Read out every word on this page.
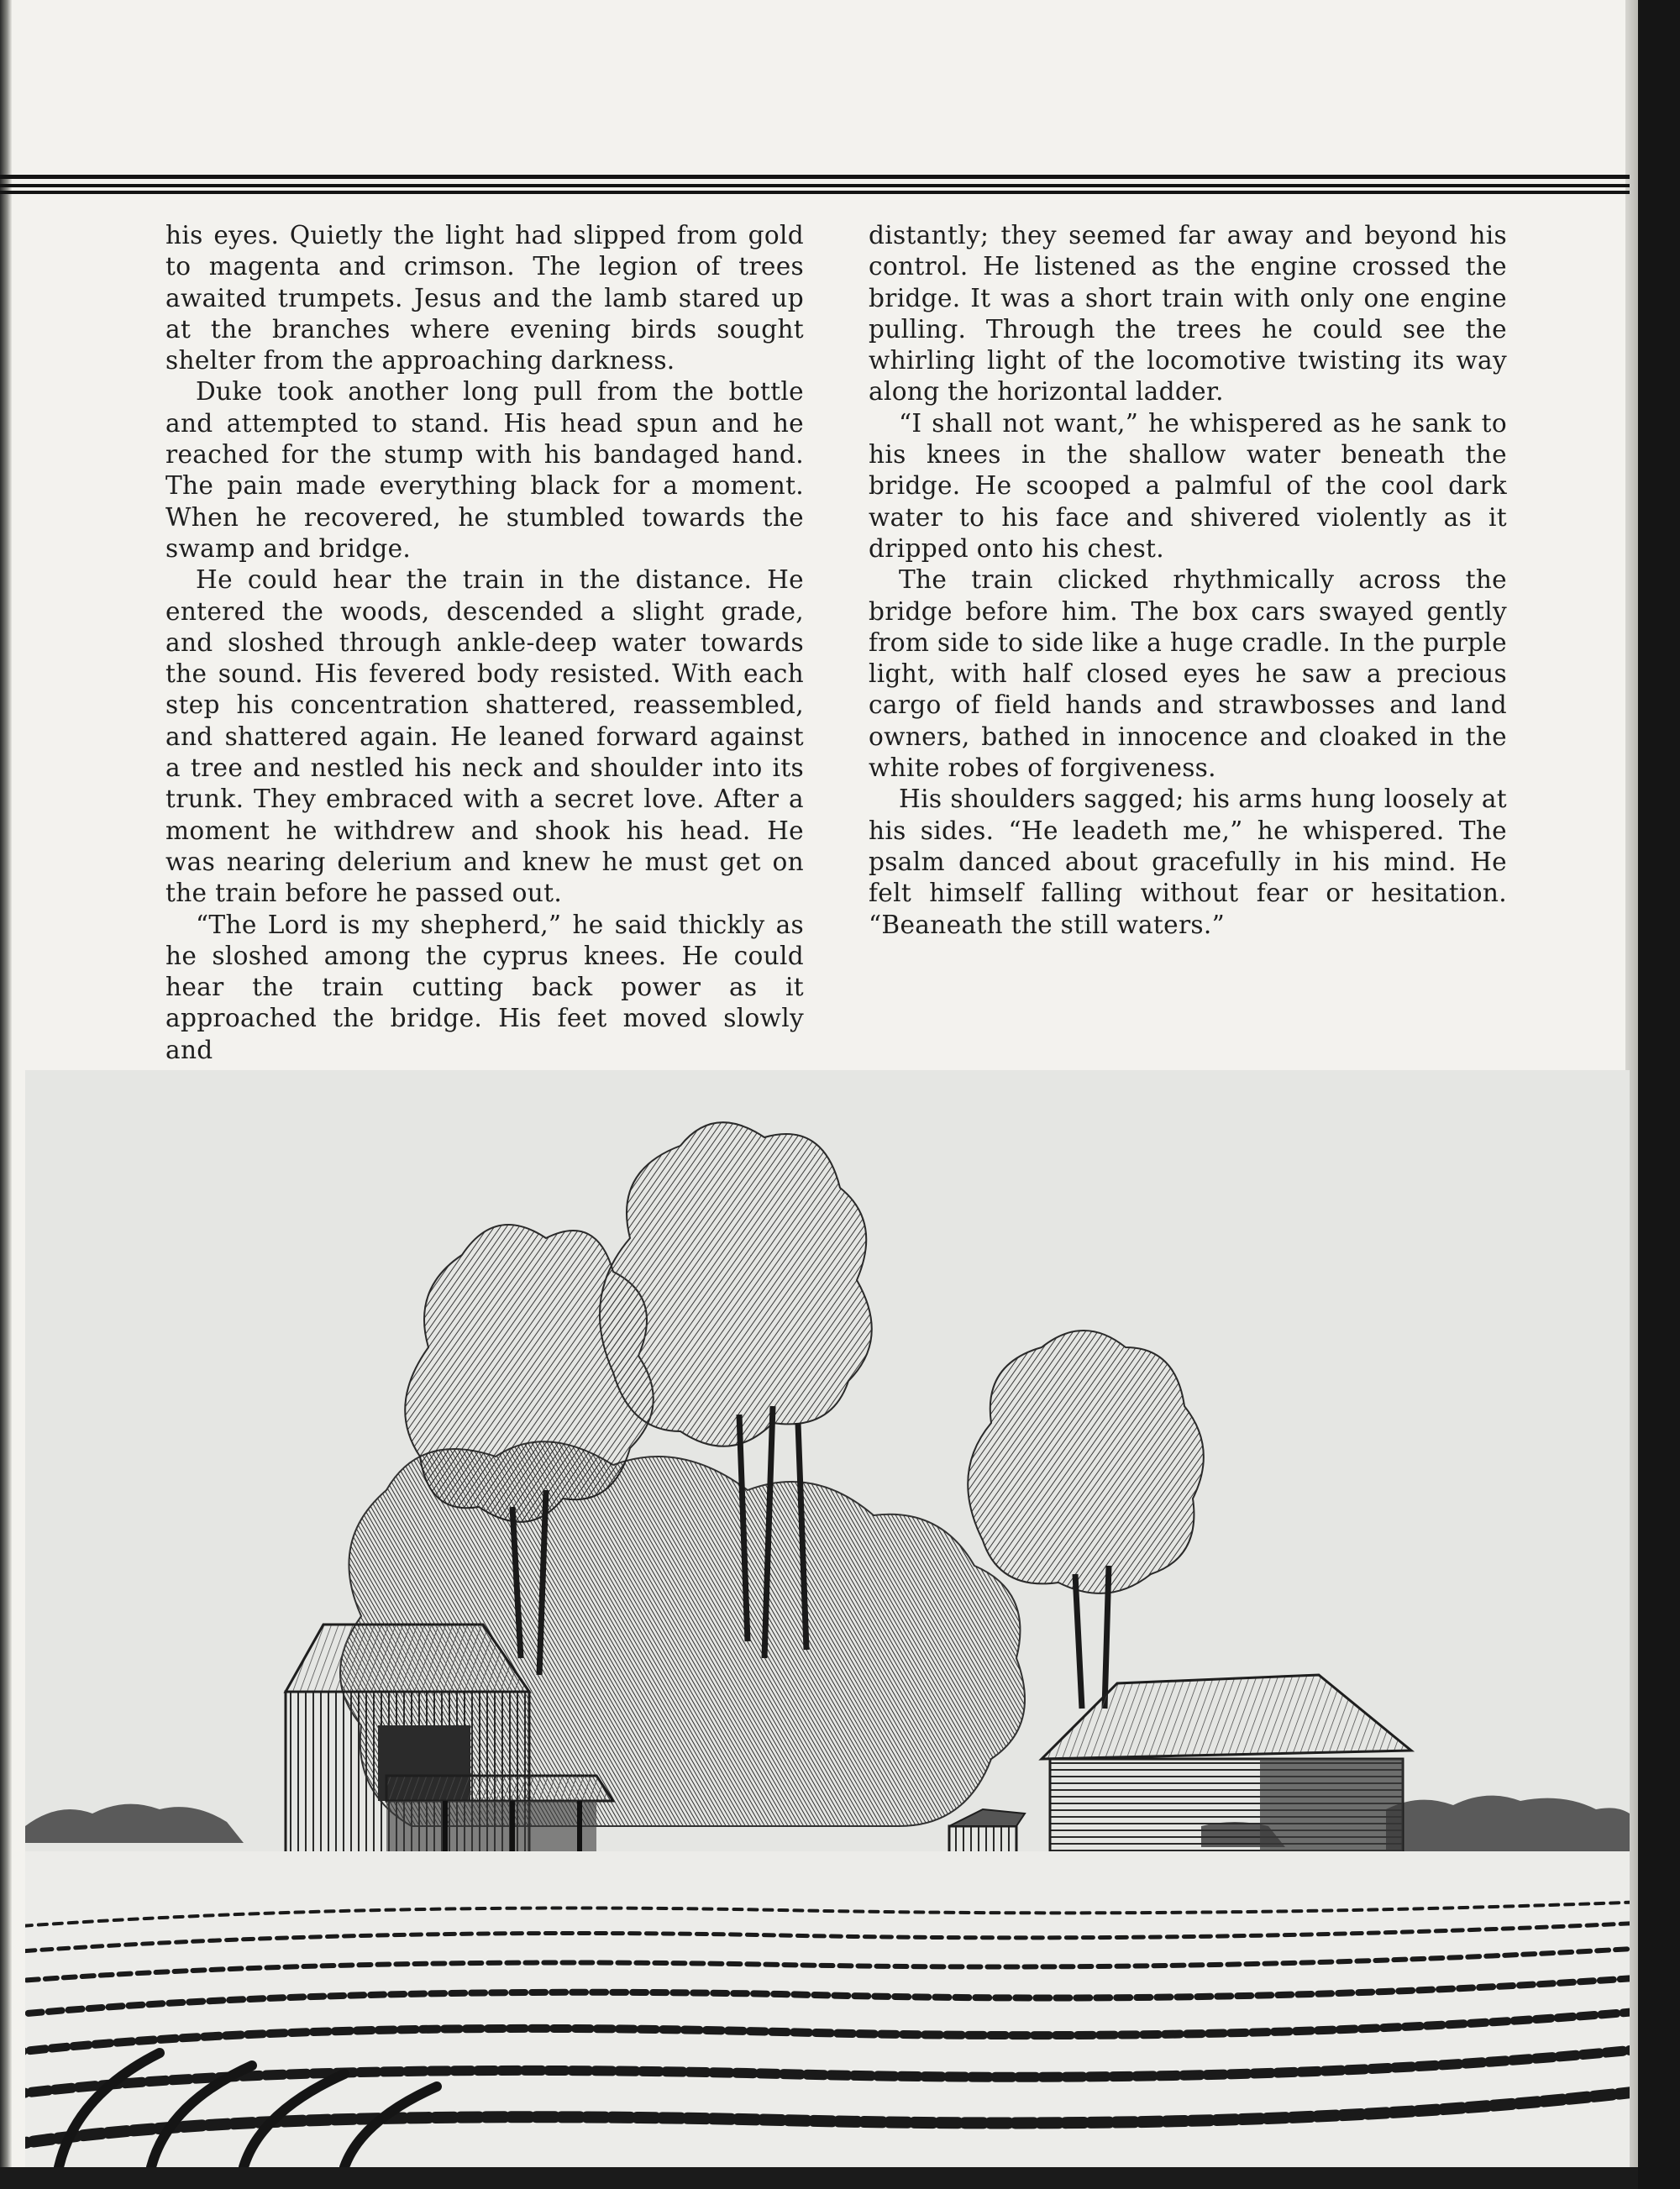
his eyes. Quietly the light had slipped from gold to magenta and crimson. The legion of trees awaited trumpets. Jesus and the lamb stared up at the branches where evening birds sought shelter from the approaching darkness.

Duke took another long pull from the bottle and attempted to stand. His head spun and he reached for the stump with his bandaged hand. The pain made everything black for a moment. When he recovered, he stumbled towards the swamp and bridge.

He could hear the train in the distance. He entered the woods, descended a slight grade, and sloshed through ankle-deep water towards the sound. His fevered body resisted. With each step his concentration shattered, reassembled, and shattered again. He leaned forward against a tree and nestled his neck and shoulder into its trunk. They embraced with a secret love. After a moment he withdrew and shook his head. He was nearing delerium and knew he must get on the train before he passed out.

“The Lord is my shepherd,” he said thickly as he sloshed among the cyprus knees. He could hear the train cutting back power as it approached the bridge. His feet moved slowly and

distantly; they seemed far away and beyond his control. He listened as the engine crossed the bridge. It was a short train with only one engine pulling. Through the trees he could see the whirling light of the locomotive twisting its way along the horizontal ladder.

“I shall not want,” he whispered as he sank to his knees in the shallow water beneath the bridge. He scooped a palmful of the cool dark water to his face and shivered violently as it dripped onto his chest.

The train clicked rhythmically across the bridge before him. The box cars swayed gently from side to side like a huge cradle. In the purple light, with half closed eyes he saw a precious cargo of field hands and strawbosses and land owners, bathed in innocence and cloaked in the white robes of forgiveness.

His shoulders sagged; his arms hung loosely at his sides. “He leadeth me,” he whispered. The psalm danced about gracefully in his mind. He felt himself falling without fear or hesitation. “Beaneath the still waters.”
